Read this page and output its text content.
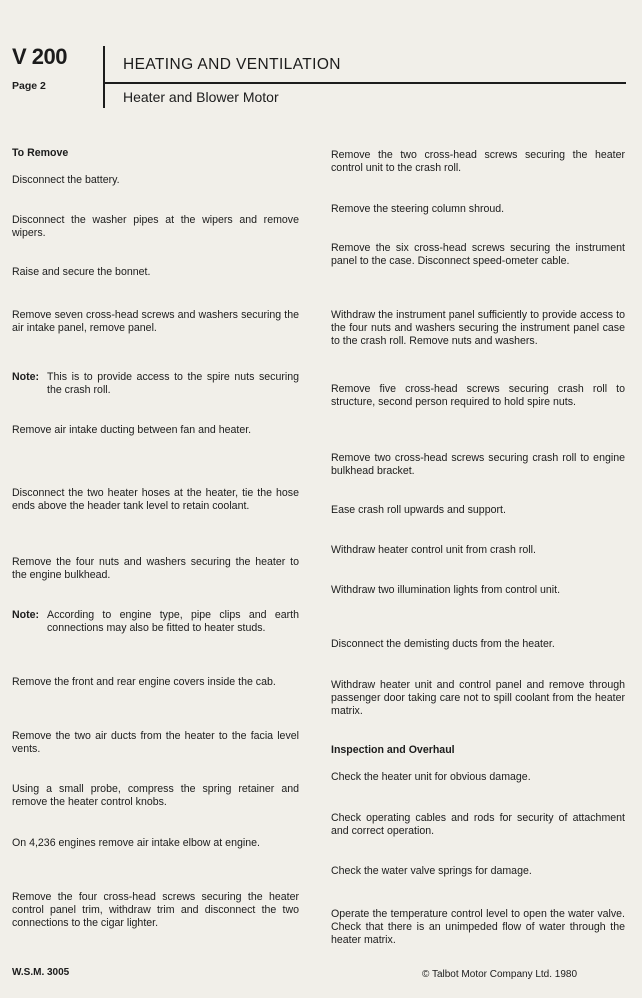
V 200
Page 2
HEATING AND VENTILATION
Heater and Blower Motor
To Remove

Disconnect the battery.

Disconnect the washer pipes at the wipers and remove wipers.

Raise and secure the bonnet.

Remove seven cross-head screws and washers securing the air intake panel, remove panel.

Note: This is to provide access to the spire nuts securing the crash roll.

Remove air intake ducting between fan and heater.

Disconnect the two heater hoses at the heater, tie the hose ends above the header tank level to retain coolant.

Remove the four nuts and washers securing the heater to the engine bulkhead.

Note: According to engine type, pipe clips and earth connections may also be fitted to heater studs.

Remove the front and rear engine covers inside the cab.

Remove the two air ducts from the heater to the facia level vents.

Using a small probe, compress the spring retainer and remove the heater control knobs.

On 4,236 engines remove air intake elbow at engine.

Remove the four cross-head screws securing the heater control panel trim, withdraw trim and disconnect the two connections to the cigar lighter.

Remove the two cross-head screws securing the heater control unit to the crash roll.

Remove the steering column shroud.

Remove the six cross-head screws securing the instrument panel to the case. Disconnect speed-ometer cable.

Withdraw the instrument panel sufficiently to provide access to the four nuts and washers securing the instrument panel case to the crash roll. Remove nuts and washers.

Remove five cross-head screws securing crash roll to structure, second person required to hold spire nuts.

Remove two cross-head screws securing crash roll to engine bulkhead bracket.

Ease crash roll upwards and support.

Withdraw heater control unit from crash roll.

Withdraw two illumination lights from control unit.

Disconnect the demisting ducts from the heater.

Withdraw heater unit and control panel and remove through passenger door taking care not to spill coolant from the heater matrix.

Inspection and Overhaul

Check the heater unit for obvious damage.

Check operating cables and rods for security of attachment and correct operation.

Check the water valve springs for damage.

Operate the temperature control level to open the water valve. Check that there is an unimpeded flow of water through the heater matrix.

W.S.M. 3005	© Talbot Motor Company Ltd. 1980
